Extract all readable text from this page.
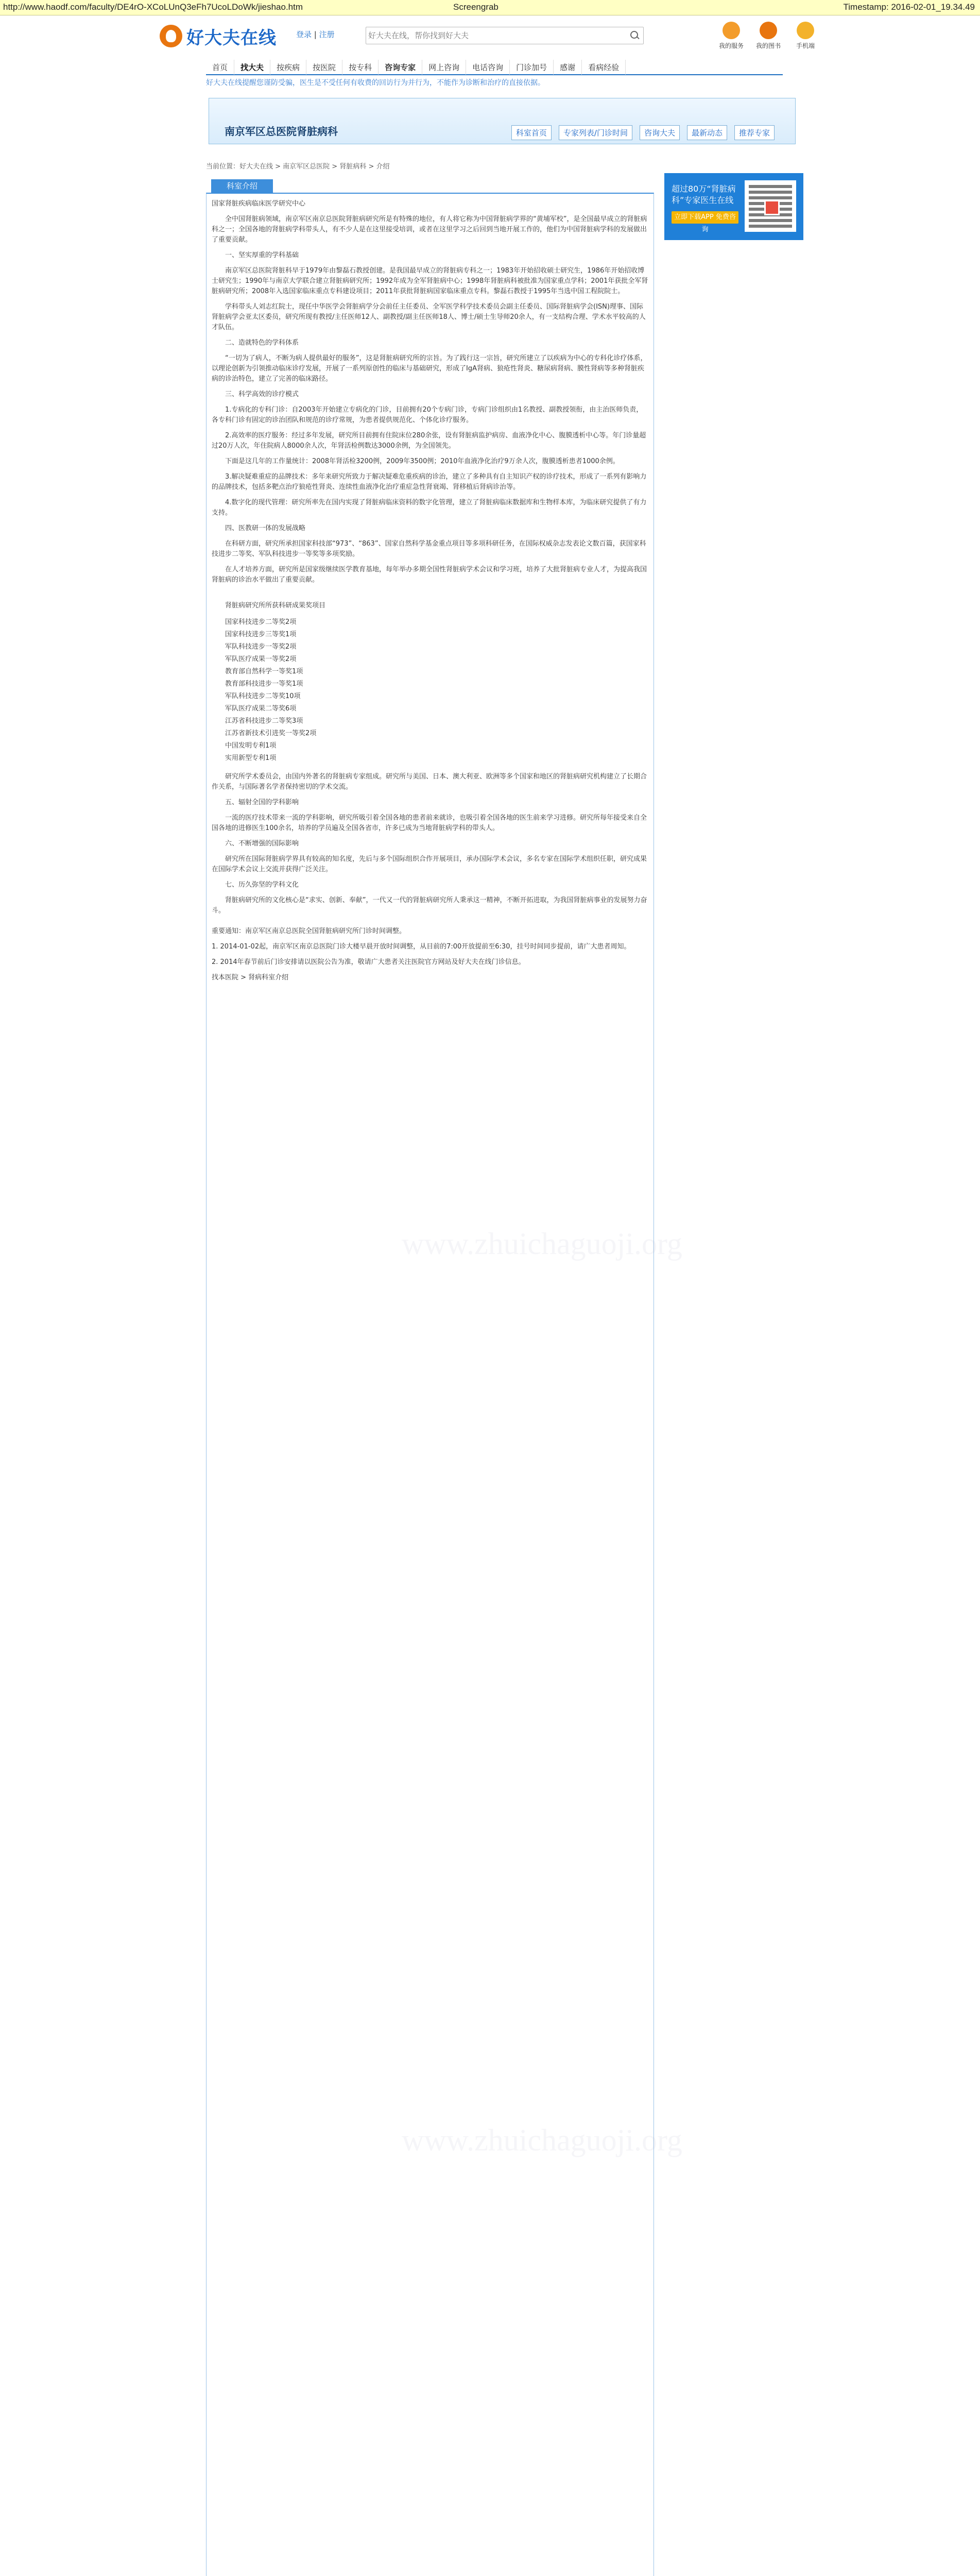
http://www.haodf.com/faculty/DE4rO-XCoLUnQ3eFh7UcoLDoWk/jieshao.htm	Screengrab	Timestamp: 2016-02-01_19.34.49
好大夫在线	登录 | 注册
好大夫在线，帮你找到好大夫
我的服务	我的图书	手机端
首页 找大夫 按疾病 按医院 按专科 咨询专家 网上咨询 电话咨询 门诊加号 感谢 看病经验
好大夫在线提醒您谨防受骗，医生是不受任何有收费的回访行为并行为，不能作为诊断和治疗的直接依据。
南京军区总医院肾脏病科	科室首页 专家列表/门诊时间 咨询大夫 最新动态 推荐专家
当前位置：好大夫在线 > 南京军区总医院 > 肾脏病科 > 介绍
科室介绍

国家肾脏疾病临床医学研究中心

全中国肾脏病领域，南京军区南京总医院肾脏病研究所是有特殊的地位，有人将它称为中国肾脏病学界的“黄埔军校”，是全国最早成立的肾脏病科之一；全国各地的肾脏病学科带头人，有不少人是在这里接受培训，或者在这里学习之后回到当地开展工作的，他们为中国肾脏病学科的发展做出了重要贡献。

一、坚实厚重的学科基础

南京军区总医院肾脏科早于1979年由黎磊石教授创建。是我国最早成立的肾脏病专科之一；1983年开始招收硕士研究生，1986年开始招收博士研究生；1990年与南京大学联合建立肾脏病研究所；1992年成为全军肾脏病中心；1998年肾脏病科被批准为国家重点学科；2001年获批全军肾脏病研究所；2008年入选国家临床重点专科建设项目；2011年获批肾脏病国家临床重点专科。黎磊石教授于1995年当选中国工程院院士。

学科带头人刘志红院士，现任中华医学会肾脏病学分会前任主任委员、全军医学科学技术委员会副主任委员、国际肾脏病学会(ISN)理事、国际肾脏病学会亚太区委员，研究所现有教授/主任医师12人、副教授/副主任医师18人、博士/硕士生导师20余人，有一支结构合理、学术水平较高的人才队伍。

二、造就特色的学科体系

“一切为了病人，不断为病人提供最好的服务”，这是肾脏病研究所的宗旨。为了践行这一宗旨，研究所建立了以疾病为中心的专科化诊疗体系，以理论创新为引领推动临床诊疗发展，开展了一系列原创性的临床与基础研究，形成了IgA肾病、狼疮性肾炎、糖尿病肾病、膜性肾病等多种肾脏疾病的诊治特色，建立了完善的临床路径。

三、科学高效的诊疗模式

1.专病化的专科门诊：自2003年开始建立专病化的门诊，目前拥有20个专病门诊，专病门诊组织由1名教授、副教授领衔，由主治医师负责，各专科门诊有固定的诊治团队和规范的诊疗常规，为患者提供规范化、个体化诊疗服务。

2.高效率的医疗服务：经过多年发展，研究所目前拥有住院床位280余张，设有肾脏病监护病房、血液净化中心、腹膜透析中心等。年门诊量超过20万人次，年住院病人8000余人次，年肾活检例数达3000余例，为全国领先。

下面是这几年的工作量统计：2008年肾活检3200例，2009年3500例；2010年血液净化治疗9万余人次，腹膜透析患者1000余例。

3.解决疑难重症的品牌技术：多年来研究所致力于解决疑难危重疾病的诊治，建立了多种具有自主知识产权的诊疗技术，形成了一系列有影响力的品牌技术，包括多靶点治疗狼疮性肾炎、连续性血液净化治疗重症急性肾衰竭、肾移植后肾病诊治等。

4.数字化的现代管理：研究所率先在国内实现了肾脏病临床资料的数字化管理，建立了肾脏病临床数据库和生物样本库，为临床研究提供了有力支持。

四、医教研一体的发展战略

在科研方面，研究所承担国家科技部“973”、“863”、国家自然科学基金重点项目等多项科研任务，在国际权威杂志发表论文数百篇，获国家科技进步二等奖、军队科技进步一等奖等多项奖励。

在人才培养方面，研究所是国家级继续医学教育基地，每年举办多期全国性肾脏病学术会议和学习班，培养了大批肾脏病专业人才，为提高我国肾脏病的诊治水平做出了重要贡献。

肾脏病研究所所获科研成果奖项目

国家科技进步二等奖2项
国家科技进步三等奖1项
军队科技进步一等奖2项
军队医疗成果一等奖2项
教育部自然科学一等奖1项
教育部科技进步一等奖1项
军队科技进步二等奖10项
军队医疗成果二等奖6项
江苏省科技进步二等奖3项
江苏省新技术引进奖一等奖2项
中国发明专利1项
实用新型专利1项

研究所学术委员会，由国内外著名的肾脏病专家组成。研究所与美国、日本、澳大利亚、欧洲等多个国家和地区的肾脏病研究机构建立了长期合作关系，与国际著名学者保持密切的学术交流。

五、辐射全国的学科影响

一流的医疗技术带来一流的学科影响，研究所吸引着全国各地的患者前来就诊，也吸引着全国各地的医生前来学习进修。研究所每年接受来自全国各地的进修医生100余名，培养的学员遍及全国各省市，许多已成为当地肾脏病学科的带头人。

六、不断增强的国际影响

研究所在国际肾脏病学界具有较高的知名度，先后与多个国际组织合作开展项目，承办国际学术会议，多名专家在国际学术组织任职，研究成果在国际学术会议上交流并获得广泛关注。

七、历久弥坚的学科文化

肾脏病研究所的文化核心是“求实、创新、奉献”，一代又一代的肾脏病研究所人秉承这一精神，不断开拓进取，为我国肾脏病事业的发展努力奋斗。

重要通知：南京军区南京总医院全国肾脏病研究所门诊时间调整。

1. 2014-01-02起，南京军区南京总医院门诊大楼早晨开放时间调整，从目前的7:00开放提前至6:30，挂号时间同步提前，请广大患者周知。

2. 2014年春节前后门诊安排请以医院公告为准，敬请广大患者关注医院官方网站及好大夫在线门诊信息。

找本医院 > 肾病科室介绍

超过80万“肾脏病科”专家医生在线
立即下载APP 免费咨询
www.zhuichaguoji.org
www.zhuichaguoji.org
